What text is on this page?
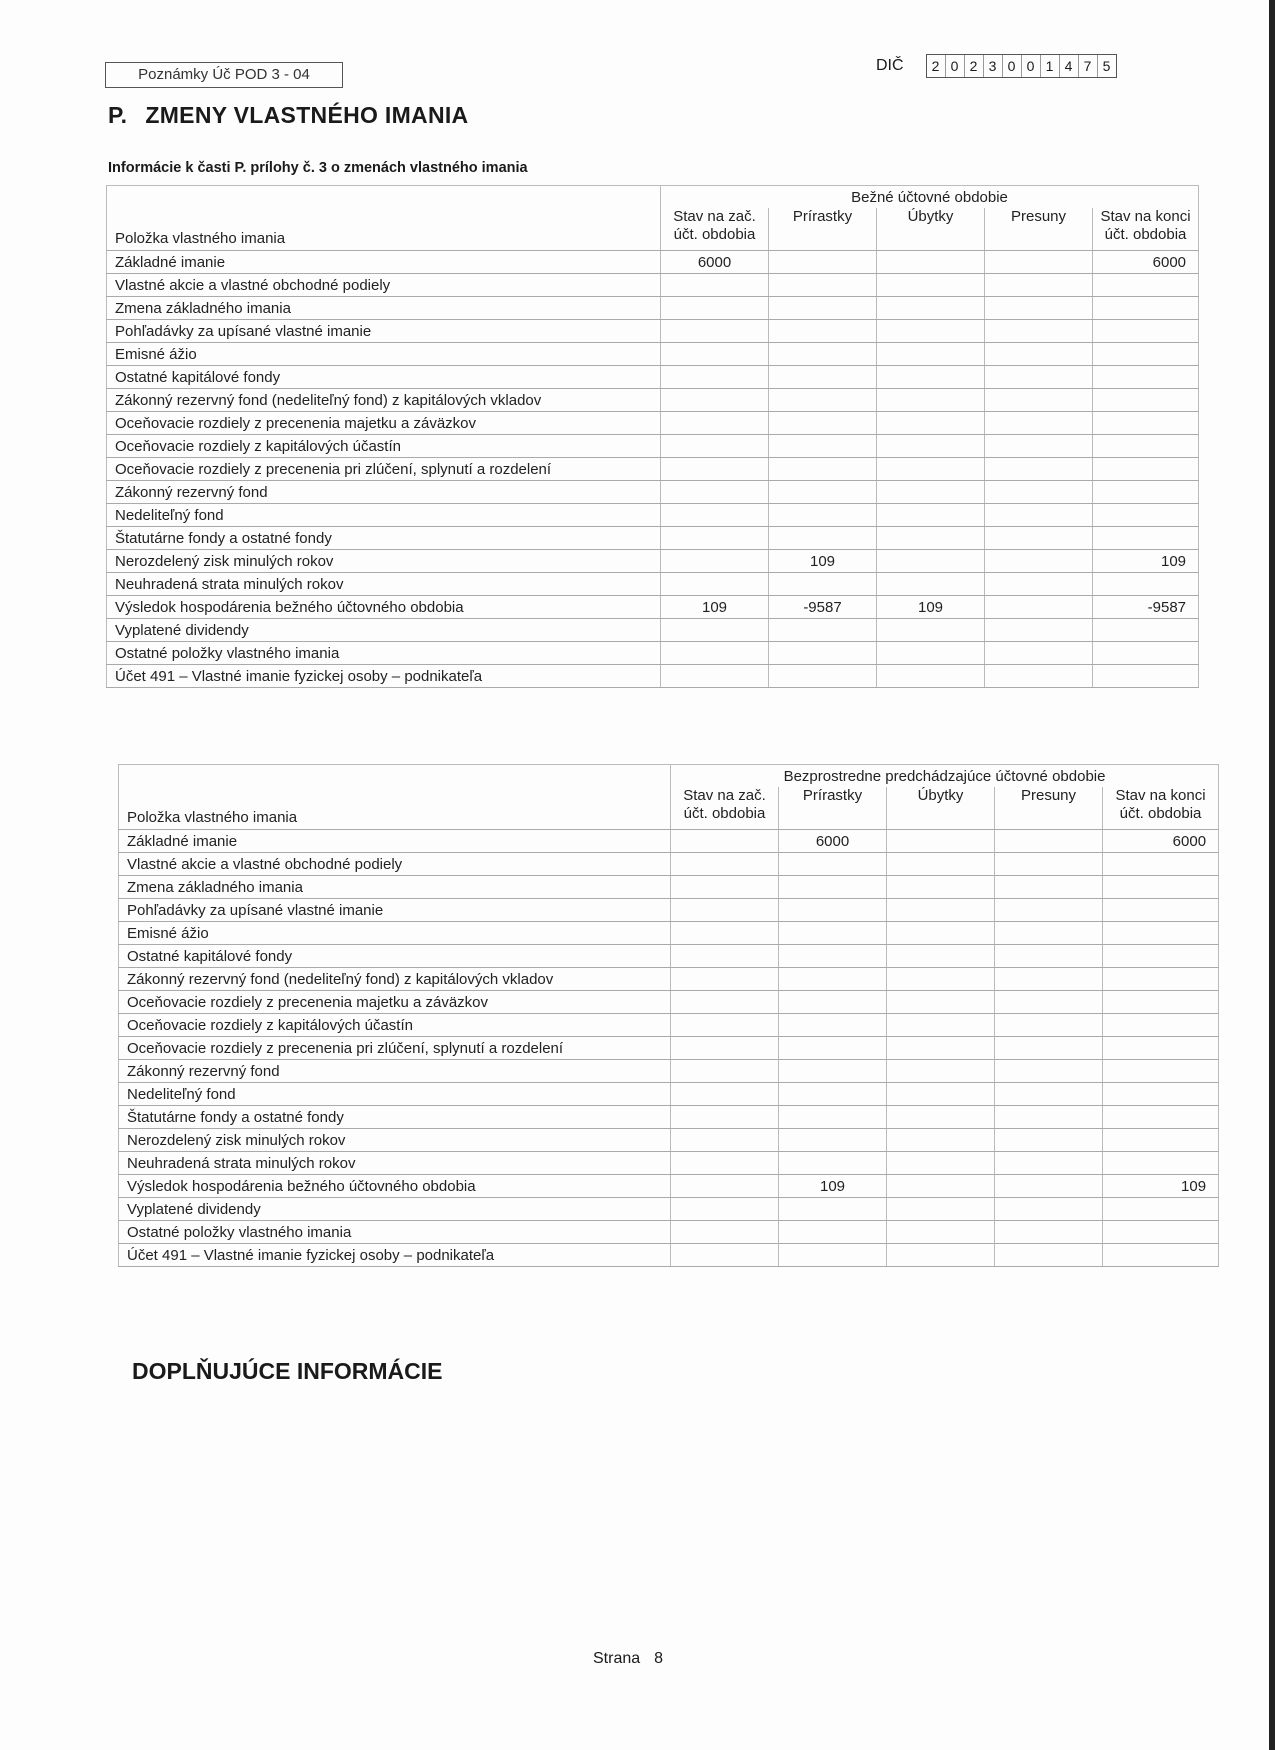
Poznámky Úč POD 3 - 04
DIČ	2 0 2 3 0 0 1 4 7 5
P. ZMENY VLASTNÉHO IMANIA
Informácie k časti P. prílohy č. 3 o zmenách vlastného imania
	Bežné účtovné obdobie				
Položka vlastného imania	Stav na zač. účt. obdobia	Prírastky	Úbytky	Presuny	Stav na konci účt. obdobia
Základné imanie	6000				6000
Vlastné akcie a vlastné obchodné podiely					
Zmena základného imania					
Pohľadávky za upísané vlastné imanie					
Emisné ážio					
Ostatné kapitálové fondy					
Zákonný rezervný fond (nedeliteľný fond) z kapitálových vkladov					
Oceňovacie rozdiely z precenenia majetku a záväzkov					
Oceňovacie rozdiely z kapitálových účastín					
Oceňovacie rozdiely z precenenia pri zlúčení, splynutí a rozdelení					
Zákonný rezervný fond					
Nedeliteľný fond					
Štatutárne fondy a ostatné fondy					
Nerozdelený zisk minulých rokov		109			109
Neuhradená strata minulých rokov					
Výsledok hospodárenia bežného účtovného obdobia	109	-9587	109		-9587
Vyplatené dividendy					
Ostatné položky vlastného imania					
Účet 491 – Vlastné imanie fyzickej osoby – podnikateľa					
	Bezprostredne predchádzajúce účtovné obdobie				
Položka vlastného imania	Stav na zač. účt. obdobia	Prírastky	Úbytky	Presuny	Stav na konci účt. obdobia
Základné imanie		6000			6000
Vlastné akcie a vlastné obchodné podiely					
Zmena základného imania					
Pohľadávky za upísané vlastné imanie					
Emisné ážio					
Ostatné kapitálové fondy					
Zákonný rezervný fond (nedeliteľný fond) z kapitálových vkladov					
Oceňovacie rozdiely z precenenia majetku a záväzkov					
Oceňovacie rozdiely z kapitálových účastín					
Oceňovacie rozdiely z precenenia pri zlúčení, splynutí a rozdelení					
Zákonný rezervný fond					
Nedeliteľný fond					
Štatutárne fondy a ostatné fondy					
Nerozdelený zisk minulých rokov					
Neuhradená strata minulých rokov					
Výsledok hospodárenia bežného účtovného obdobia		109			109
Vyplatené dividendy					
Ostatné položky vlastného imania					
Účet 491 – Vlastné imanie fyzickej osoby – podnikateľa					
DOPLŇUJÚCE INFORMÁCIE
Strana 8
